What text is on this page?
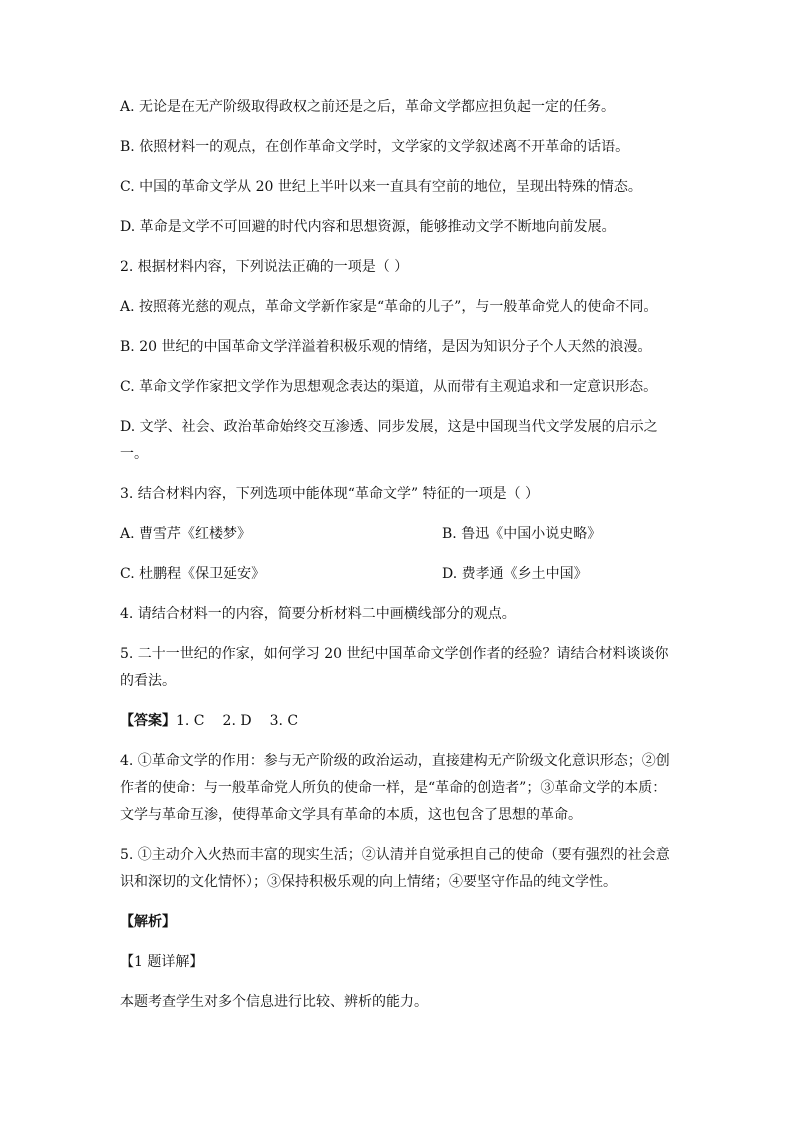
A. 无论是在无产阶级取得政权之前还是之后，革命文学都应担负起一定的任务。

B. 依照材料一的观点，在创作革命文学时，文学家的文学叙述离不开革命的话语。

C. 中国的革命文学从 20 世纪上半叶以来一直具有空前的地位，呈现出特殊的情态。

D. 革命是文学不可回避的时代内容和思想资源，能够推动文学不断地向前发展。

2. 根据材料内容，下列说法正确的一项是（ ）

A. 按照蒋光慈的观点，革命文学新作家是“革命的儿子”，与一般革命党人的使命不同。

B. 20 世纪的中国革命文学洋溢着积极乐观的情绪，是因为知识分子个人天然的浪漫。

C. 革命文学作家把文学作为思想观念表达的渠道，从而带有主观追求和一定意识形态。

D. 文学、社会、政治革命始终交互渗透、同步发展，这是中国现当代文学发展的启示之一。

3. 结合材料内容，下列选项中能体现“革命文学” 特征的一项是（ ）

A. 曹雪芹《红楼梦》	B. 鲁迅《中国小说史略》
C. 杜鹏程《保卫延安》	D. 费孝通《乡土中国》

4. 请结合材料一的内容，简要分析材料二中画横线部分的观点。

5. 二十一世纪的作家，如何学习 20 世纪中国革命文学创作者的经验？请结合材料谈谈你的看法。

【答案】1. C 2. D 3. C

4. ①革命文学的作用：参与无产阶级的政治运动，直接建构无产阶级文化意识形态；②创作者的使命：与一般革命党人所负的使命一样，是“革命的创造者”；③革命文学的本质：文学与革命互渗，使得革命文学具有革命的本质，这也包含了思想的革命。

5. ①主动介入火热而丰富的现实生活；②认清并自觉承担自己的使命（要有强烈的社会意识和深切的文化情怀）；③保持积极乐观的向上情绪；④要坚守作品的纯文学性。

【解析】

【1 题详解】

本题考查学生对多个信息进行比较、辨析的能力。
